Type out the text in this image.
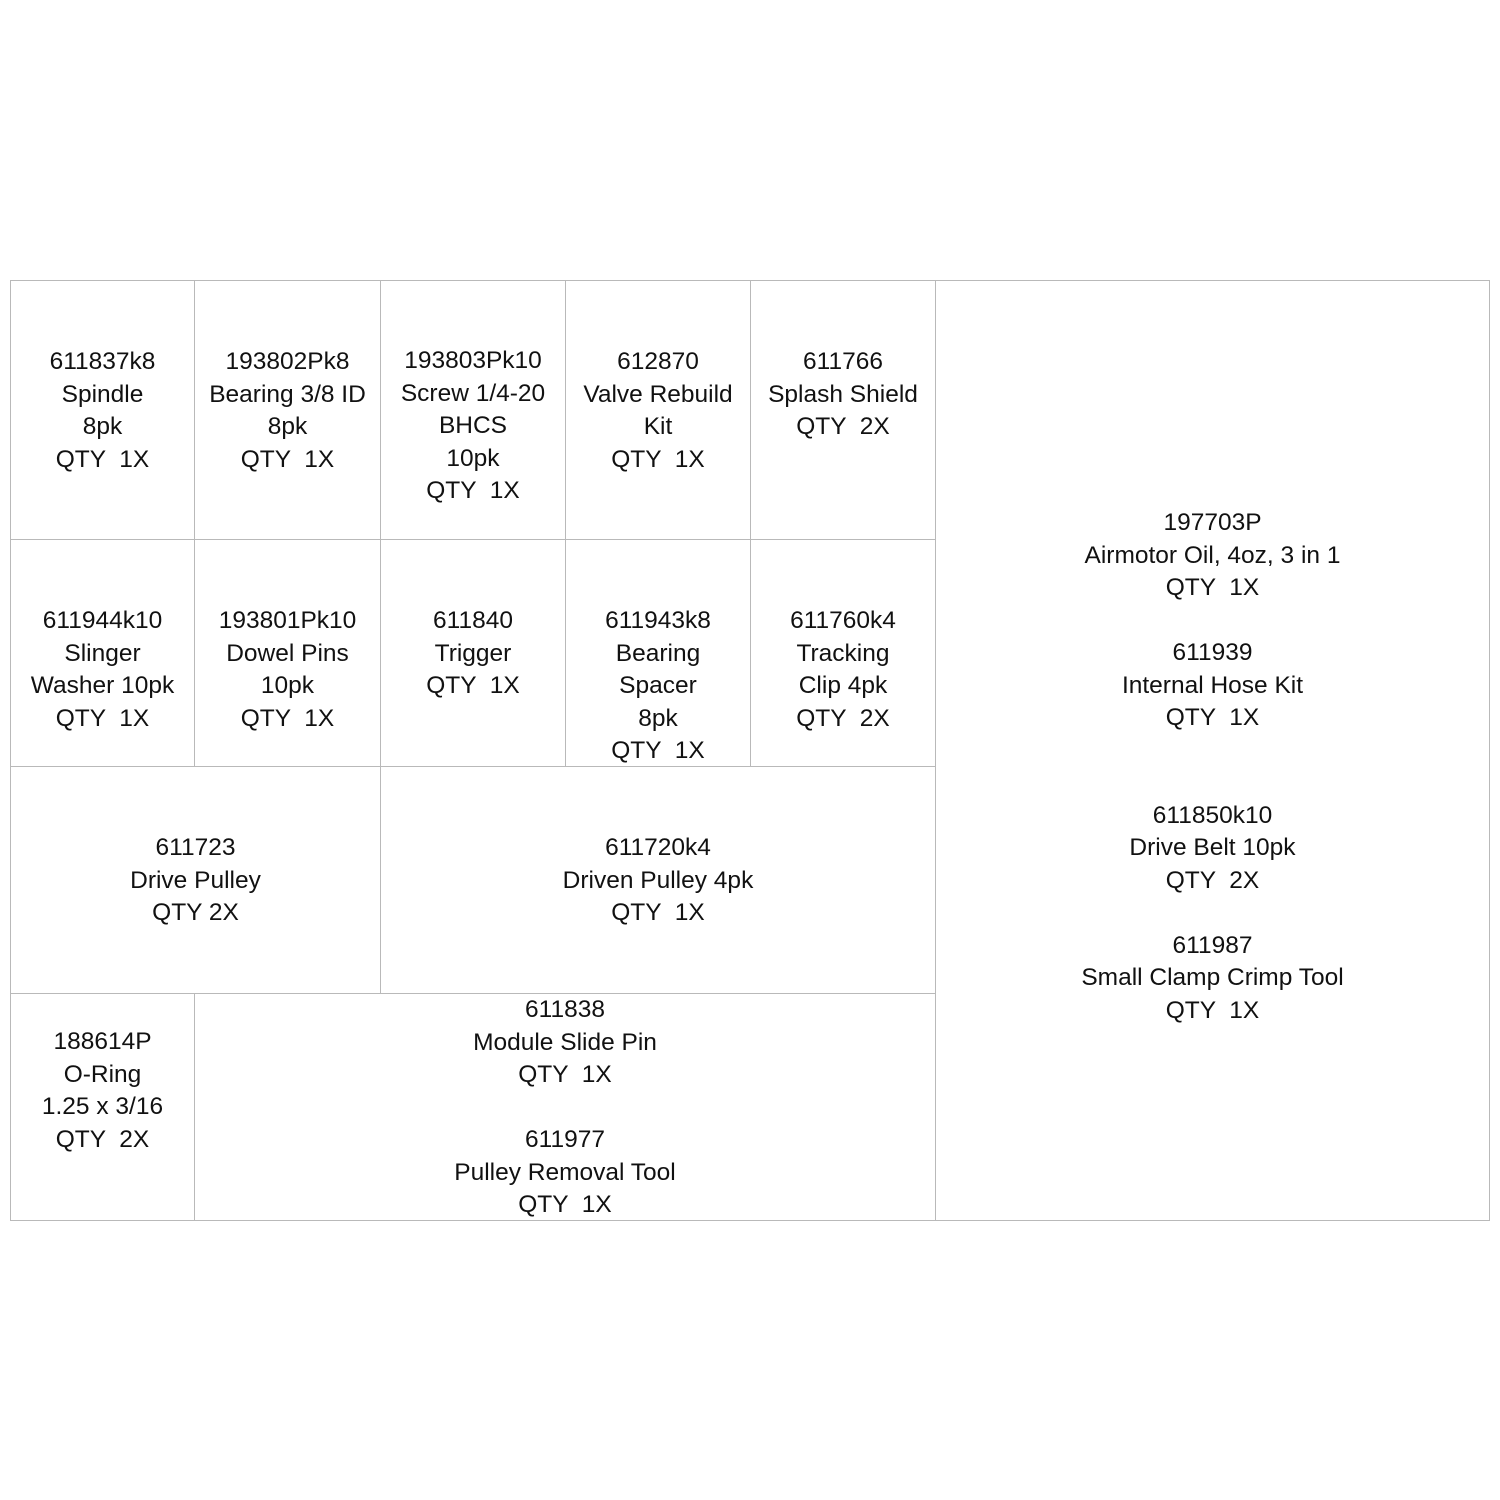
611837k8
Spindle
8pk
QTY  1X
193802Pk8
Bearing 3/8 ID
8pk
QTY  1X
193803Pk10
Screw 1/4-20
BHCS
10pk
QTY  1X
612870
Valve Rebuild
Kit
QTY  1X
611766
Splash Shield
QTY  2X
611944k10
Slinger
Washer 10pk
QTY  1X
193801Pk10
Dowel Pins
10pk
QTY  1X
611840
Trigger
QTY  1X
611943k8
Bearing
Spacer
8pk
QTY  1X
611760k4
Tracking
Clip 4pk
QTY  2X
611723
Drive Pulley
QTY 2X
611720k4
Driven Pulley 4pk
QTY  1X
188614P
O-Ring
1.25 x 3/16
QTY  2X
611838
Module Slide Pin
QTY  1X

611977
Pulley Removal Tool
QTY  1X
197703P
Airmotor Oil, 4oz, 3 in 1
QTY  1X

611939
Internal Hose Kit
QTY  1X

611850k10
Drive Belt 10pk
QTY  2X

611987
Small Clamp Crimp Tool
QTY  1X
